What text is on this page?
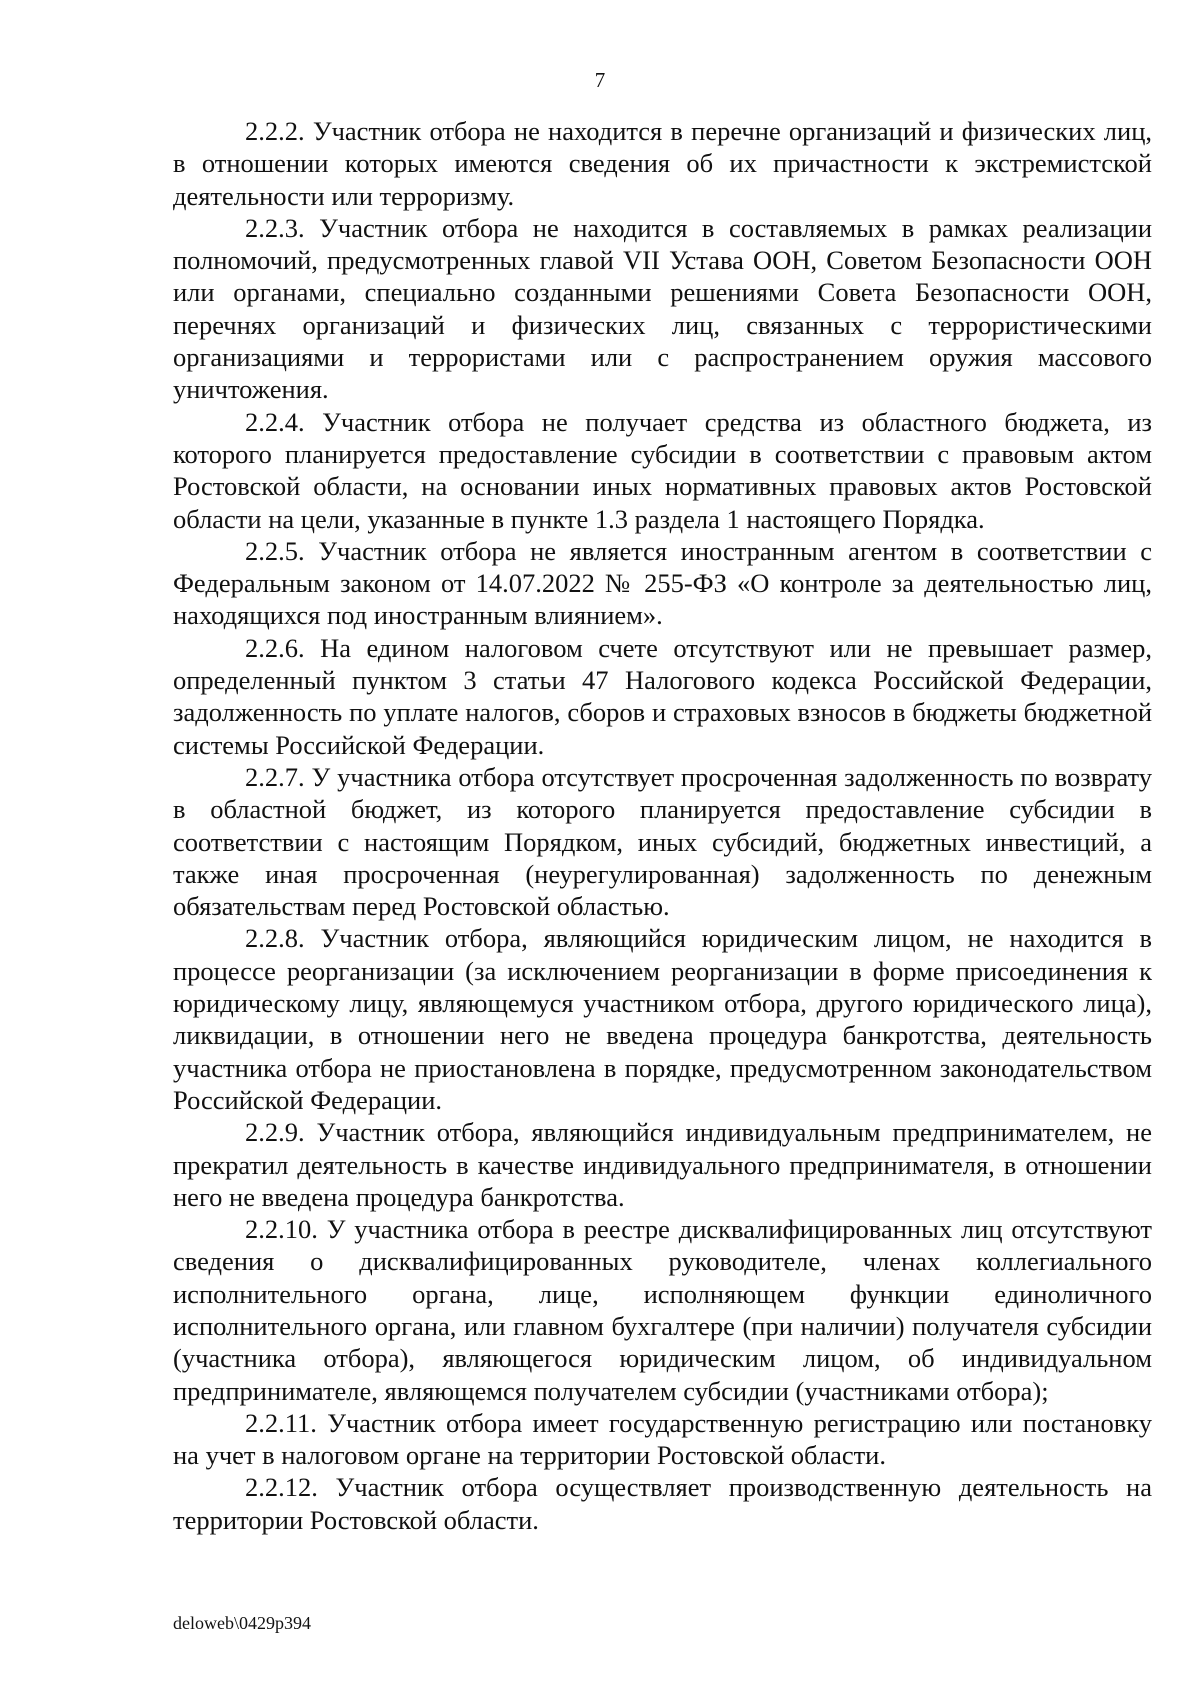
7

2.2.2. Участник отбора не находится в перечне организаций и физических лиц, в отношении которых имеются сведения об их причастности к экстремистской деятельности или терроризму.

2.2.3. Участник отбора не находится в составляемых в рамках реализации полномочий, предусмотренных главой VII Устава ООН, Советом Безопасности ООН или органами, специально созданными решениями Совета Безопасности ООН, перечнях организаций и физических лиц, связанных с террористическими организациями и террористами или с распространением оружия массового уничтожения.

2.2.4. Участник отбора не получает средства из областного бюджета, из которого планируется предоставление субсидии в соответствии с правовым актом Ростовской области, на основании иных нормативных правовых актов Ростовской области на цели, указанные в пункте 1.3 раздела 1 настоящего Порядка.

2.2.5. Участник отбора не является иностранным агентом в соответствии с Федеральным законом от 14.07.2022 № 255-ФЗ «О контроле за деятельностью лиц, находящихся под иностранным влиянием».

2.2.6. На едином налоговом счете отсутствуют или не превышает размер, определенный пунктом 3 статьи 47 Налогового кодекса Российской Федерации, задолженность по уплате налогов, сборов и страховых взносов в бюджеты бюджетной системы Российской Федерации.

2.2.7. У участника отбора отсутствует просроченная задолженность по возврату в областной бюджет, из которого планируется предоставление субсидии в соответствии с настоящим Порядком, иных субсидий, бюджетных инвестиций, а также иная просроченная (неурегулированная) задолженность по денежным обязательствам перед Ростовской областью.

2.2.8. Участник отбора, являющийся юридическим лицом, не находится в процессе реорганизации (за исключением реорганизации в форме присоединения к юридическому лицу, являющемуся участником отбора, другого юридического лица), ликвидации, в отношении него не введена процедура банкротства, деятельность участника отбора не приостановлена в порядке, предусмотренном законодательством Российской Федерации.

2.2.9. Участник отбора, являющийся индивидуальным предпринимателем, не прекратил деятельность в качестве индивидуального предпринимателя, в отношении него не введена процедура банкротства.

2.2.10. У участника отбора в реестре дисквалифицированных лиц отсутствуют сведения о дисквалифицированных руководителе, членах коллегиального исполнительного органа, лице, исполняющем функции единоличного исполнительного органа, или главном бухгалтере (при наличии) получателя субсидии (участника отбора), являющегося юридическим лицом, об индивидуальном предпринимателе, являющемся получателем субсидии (участниками отбора);

2.2.11. Участник отбора имеет государственную регистрацию или постановку на учет в налоговом органе на территории Ростовской области.

2.2.12. Участник отбора осуществляет производственную деятельность на территории Ростовской области.

deloweb\0429p394
